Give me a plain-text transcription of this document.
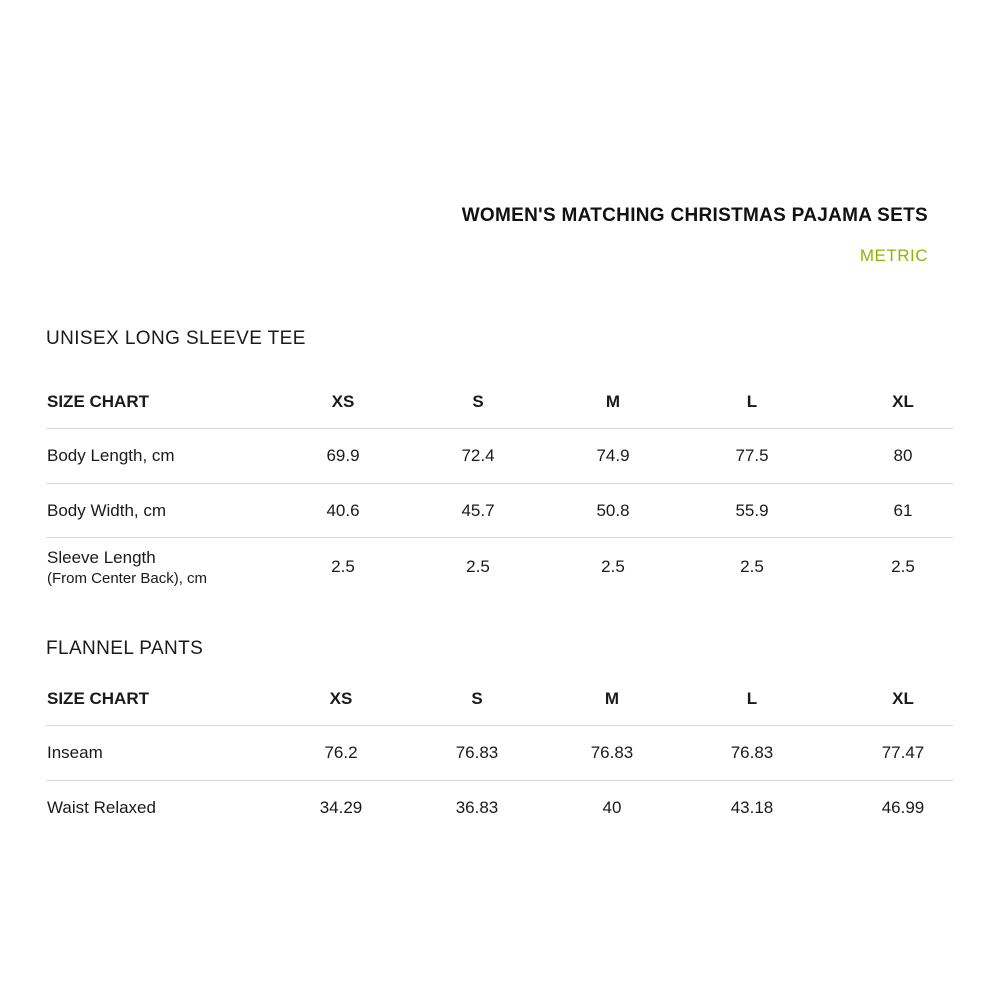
WOMEN'S MATCHING CHRISTMAS PAJAMA SETS
METRIC
UNISEX LONG SLEEVE TEE
SIZE CHART	XS	S	M	L	XL
Body Length, cm	69.9	72.4	74.9	77.5	80
Body Width, cm	40.6	45.7	50.8	55.9	61
Sleeve Length
(From Center Back), cm
2.5	2.5	2.5	2.5	2.5
FLANNEL PANTS
SIZE CHART	XS	S	M	L	XL
Inseam	76.2	76.83	76.83	76.83	77.47
Waist Relaxed	34.29	36.83	40	43.18	46.99
